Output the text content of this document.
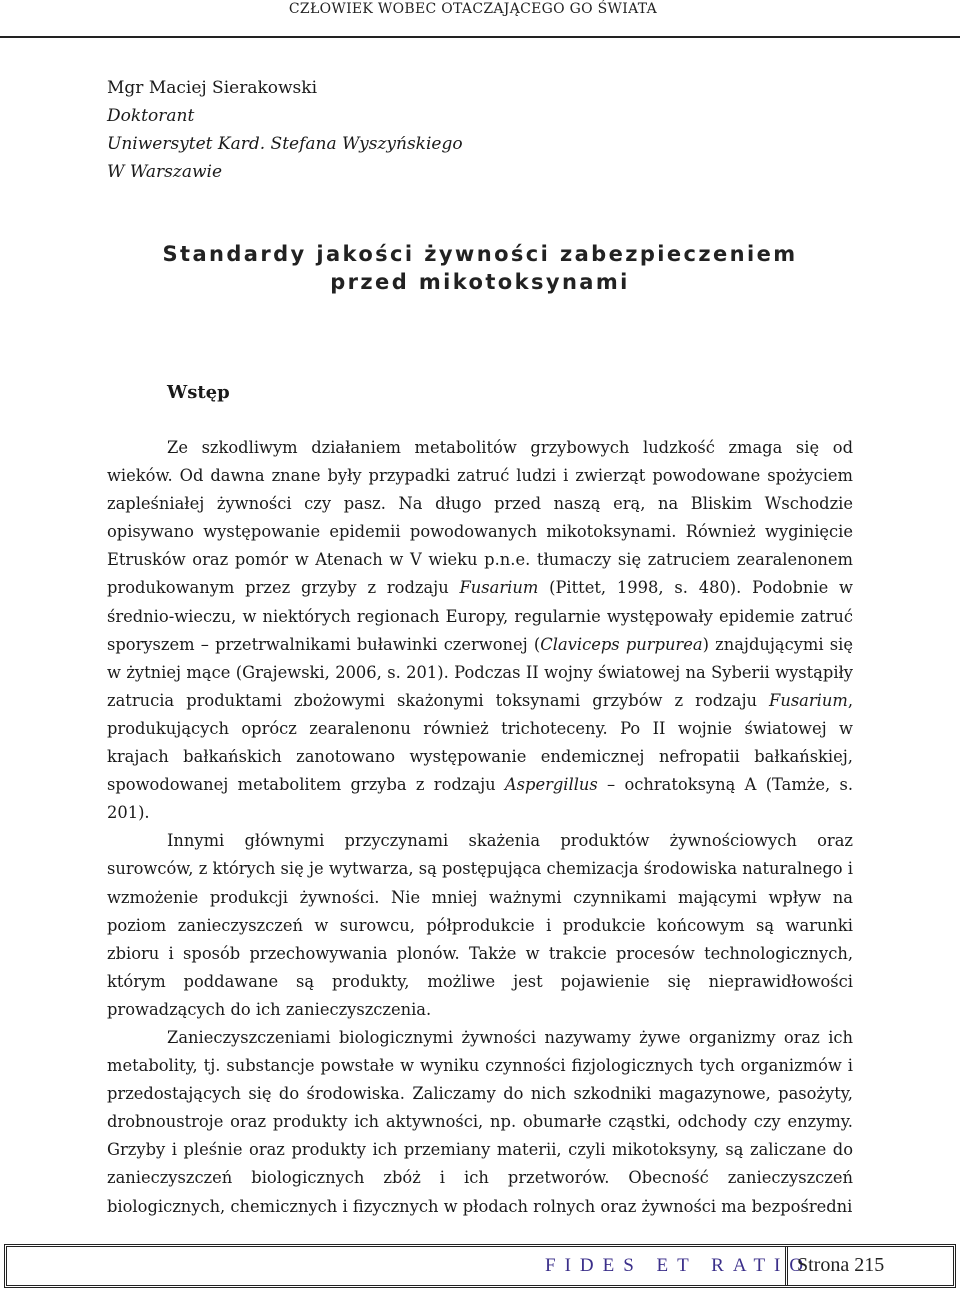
CZŁOWIEK WOBEC OTACZAJĄCEGO GO ŚWIATA
Mgr Maciej Sierakowski
Doktorant
Uniwersytet Kard. Stefana Wyszyńskiego
W Warszawie
Standardy jakości żywności zabezpieczeniem
przed mikotoksynami
Wstęp

Ze szkodliwym działaniem metabolitów grzybowych ludzkość zmaga się od wieków. Od dawna znane były przypadki zatruć ludzi i zwierząt powodowane spożyciem zapleśniałej żywności czy pasz. Na długo przed naszą erą, na Bliskim Wschodzie opisywano występowanie epidemii powodowanych mikotoksynami. Również wyginięcie Etrusków oraz pomór w Atenach w V wieku p.n.e. tłumaczy się zatruciem zearalenonem produkowanym przez grzyby z rodzaju Fusarium (Pittet, 1998, s. 480). Podobnie w średnio-wieczu, w niektórych regionach Europy, regularnie występowały epidemie zatruć sporyszem – przetrwalnikami buławinki czerwonej (Claviceps purpurea) znajdującymi się w żytniej mące (Grajewski, 2006, s. 201). Podczas II wojny światowej na Syberii wystąpiły zatrucia produktami zbożowymi skażonymi toksynami grzybów z rodzaju Fusarium, produkujących oprócz zearalenonu również trichoteceny. Po II wojnie światowej w krajach bałkańskich zanotowano występowanie endemicznej nefropatii bałkańskiej, spowodowanej metabolitem grzyba z rodzaju Aspergillus – ochratoksyną A (Tamże, s. 201).

Innymi głównymi przyczynami skażenia produktów żywnościowych oraz surowców, z których się je wytwarza, są postępująca chemizacja środowiska naturalnego i wzmożenie produkcji żywności. Nie mniej ważnymi czynnikami mającymi wpływ na poziom zanieczyszczeń w surowcu, półprodukcie i produkcie końcowym są warunki zbioru i sposób przechowywania plonów. Także w trakcie procesów technologicznych, którym poddawane są produkty, możliwe jest pojawienie się nieprawidłowości prowadzących do ich zanieczyszczenia.

Zanieczyszczeniami biologicznymi żywności nazywamy żywe organizmy oraz ich metabolity, tj. substancje powstałe w wyniku czynności fizjologicznych tych organizmów i przedostających się do środowiska. Zaliczamy do nich szkodniki magazynowe, pasożyty, drobnoustroje oraz produkty ich aktywności, np. obumarłe cząstki, odchody czy enzymy. Grzyby i pleśnie oraz produkty ich przemiany materii, czyli mikotoksyny, są zaliczane do zanieczyszczeń biologicznych zbóż i ich przetworów. Obecność zanieczyszczeń biologicznych, chemicznych i fizycznych w płodach rolnych oraz żywności ma bezpośredni

FIDES ET RATIO
Strona 215
